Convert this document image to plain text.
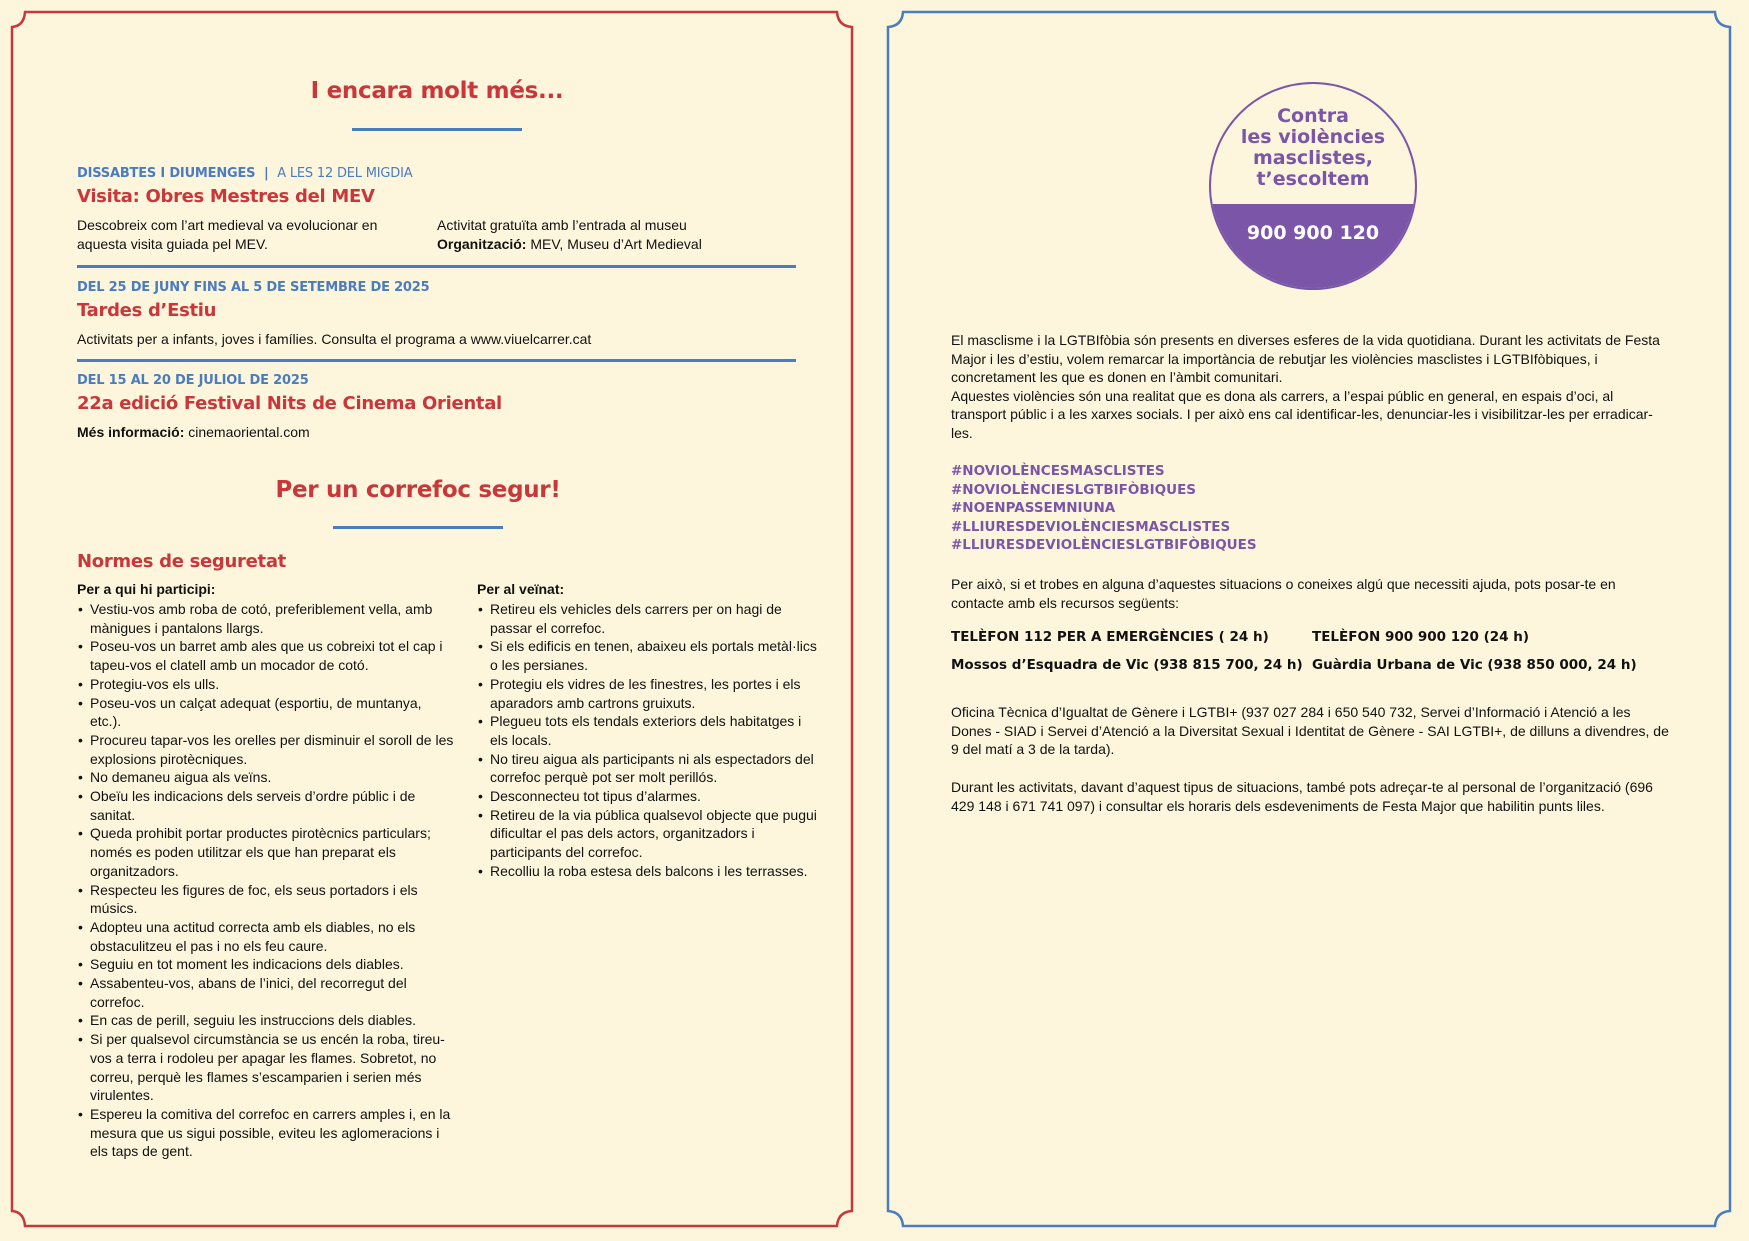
I encara molt més...
DISSABTES I DIUMENGES | A LES 12 DEL MIGDIA
Visita: Obres Mestres del MEV
Descobreix com l’art medieval va evolucionar en aquesta visita guiada pel MEV.
Activitat gratuïta amb l’entrada al museu
Organització: MEV, Museu d’Art Medieval
DEL 25 DE JUNY FINS AL 5 DE SETEMBRE DE 2025
Tardes d’Estiu
Activitats per a infants, joves i famílies. Consulta el programa a www.viuelcarrer.cat
DEL 15 AL 20 DE JULIOL DE 2025
22a edició Festival Nits de Cinema Oriental
Més informació: cinemaoriental.com
Per un correfoc segur!
Normes de seguretat
Per a qui hi participi:
• Vestiu-vos amb roba de cotó, preferiblement vella, amb mànigues i pantalons llargs.
• Poseu-vos un barret amb ales que us cobreixi tot el cap i tapeu-vos el clatell amb un mocador de cotó.
• Protegiu-vos els ulls.
• Poseu-vos un calçat adequat (esportiu, de muntanya, etc.).
• Procureu tapar-vos les orelles per disminuir el soroll de les explosions pirotècniques.
• No demaneu aigua als veïns.
• Obeïu les indicacions dels serveis d’ordre públic i de sanitat.
• Queda prohibit portar productes pirotècnics particulars; només es poden utilitzar els que han preparat els organitzadors.
• Respecteu les figures de foc, els seus portadors i els músics.
• Adopteu una actitud correcta amb els diables, no els obstaculitzeu el pas i no els feu caure.
• Seguiu en tot moment les indicacions dels diables.
• Assabenteu-vos, abans de l’inici, del recorregut del correfoc.
• En cas de perill, seguiu les instruccions dels diables.
• Si per qualsevol circumstància se us encén la roba, tireu-vos a terra i rodoleu per apagar les flames. Sobretot, no correu, perquè les flames s’escamparien i serien més virulentes.
• Espereu la comitiva del correfoc en carrers amples i, en la mesura que us sigui possible, eviteu les aglomeracions i els taps de gent.
Per al veïnat:
• Retireu els vehicles dels carrers per on hagi de passar el correfoc.
• Si els edificis en tenen, abaixeu els portals metàl·lics o les persianes.
• Protegiu els vidres de les finestres, les portes i els aparadors amb cartrons gruixuts.
• Plegueu tots els tendals exteriors dels habitatges i els locals.
• No tireu aigua als participants ni als espectadors del correfoc perquè pot ser molt perillós.
• Desconnecteu tot tipus d’alarmes.
• Retireu de la via pública qualsevol objecte que pugui dificultar el pas dels actors, organitzadors i participants del correfoc.
• Recolliu la roba estesa dels balcons i les terrasses.
Contra
les violències
masclistes,
t’escoltem
900 900 120
El masclisme i la LGTBIfòbia són presents en diverses esferes de la vida quotidiana. Durant les activitats de Festa Major i les d’estiu, volem remarcar la importància de rebutjar les violències masclistes i LGTBIfòbiques, i concretament les que es donen en l’àmbit comunitari.
Aquestes violències són una realitat que es dona als carrers, a l’espai públic en general, en espais d’oci, al transport públic i a les xarxes socials. I per això ens cal identificar-les, denunciar-les i visibilitzar-les per erradicar-les.
#NOVIOLÈNCESMASCLISTES
#NOVIOLÈNCIESLGTBIFÒBIQUES
#NOENPASSEMNIUNA
#LLIURESDEVIOLÈNCIESMASCLISTES
#LLIURESDEVIOLÈNCIESLGTBIFÒBIQUES
Per això, si et trobes en alguna d’aquestes situacions o coneixes algú que necessiti ajuda, pots posar-te en contacte amb els recursos següents:
TELÈFON 112 PER A EMERGÈNCIES ( 24 h)	TELÈFON 900 900 120 (24 h)
Mossos d’Esquadra de Vic (938 815 700, 24 h) Guàrdia Urbana de Vic (938 850 000, 24 h)
Oficina Tècnica d’Igualtat de Gènere i LGTBI+ (937 027 284 i 650 540 732, Servei d’Informació i Atenció a les Dones - SIAD i Servei d’Atenció a la Diversitat Sexual i Identitat de Gènere - SAI LGTBI+, de dilluns a divendres, de 9 del matí a 3 de la tarda).
Durant les activitats, davant d’aquest tipus de situacions, també pots adreçar-te al personal de l’organització (696 429 148 i 671 741 097) i consultar els horaris dels esdeveniments de Festa Major que habilitin punts liles.
